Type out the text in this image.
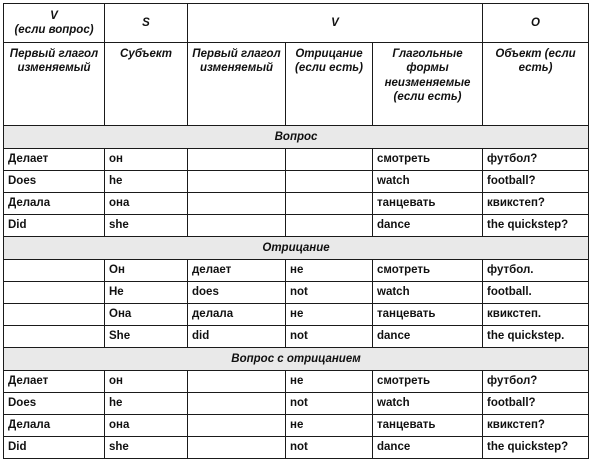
V
(если вопрос)	S	V			O
Первый глагол изменяемый	Субъект	Первый глагол изменяемый	Отрицание (если есть)	Глагольные формы неизменяемые (если есть)	Объект (если есть)
Вопрос					
Делает	он			смотреть	футбол?
Does	he			watch	football?
Делала	она			танцевать	квикстеп?
Did	she			dance	the quickstep?
Отрицание					
	Он	делает	не	смотреть	футбол.
	He	does	not	watch	football.
	Она	делала	не	танцевать	квикстеп.
	She	did	not	dance	the quickstep.
Вопрос с отрицанием					
Делает	он		не	смотреть	футбол?
Does	he		not	watch	football?
Делала	она		не	танцевать	квикстеп?
Did	she		not	dance	the quickstep?
